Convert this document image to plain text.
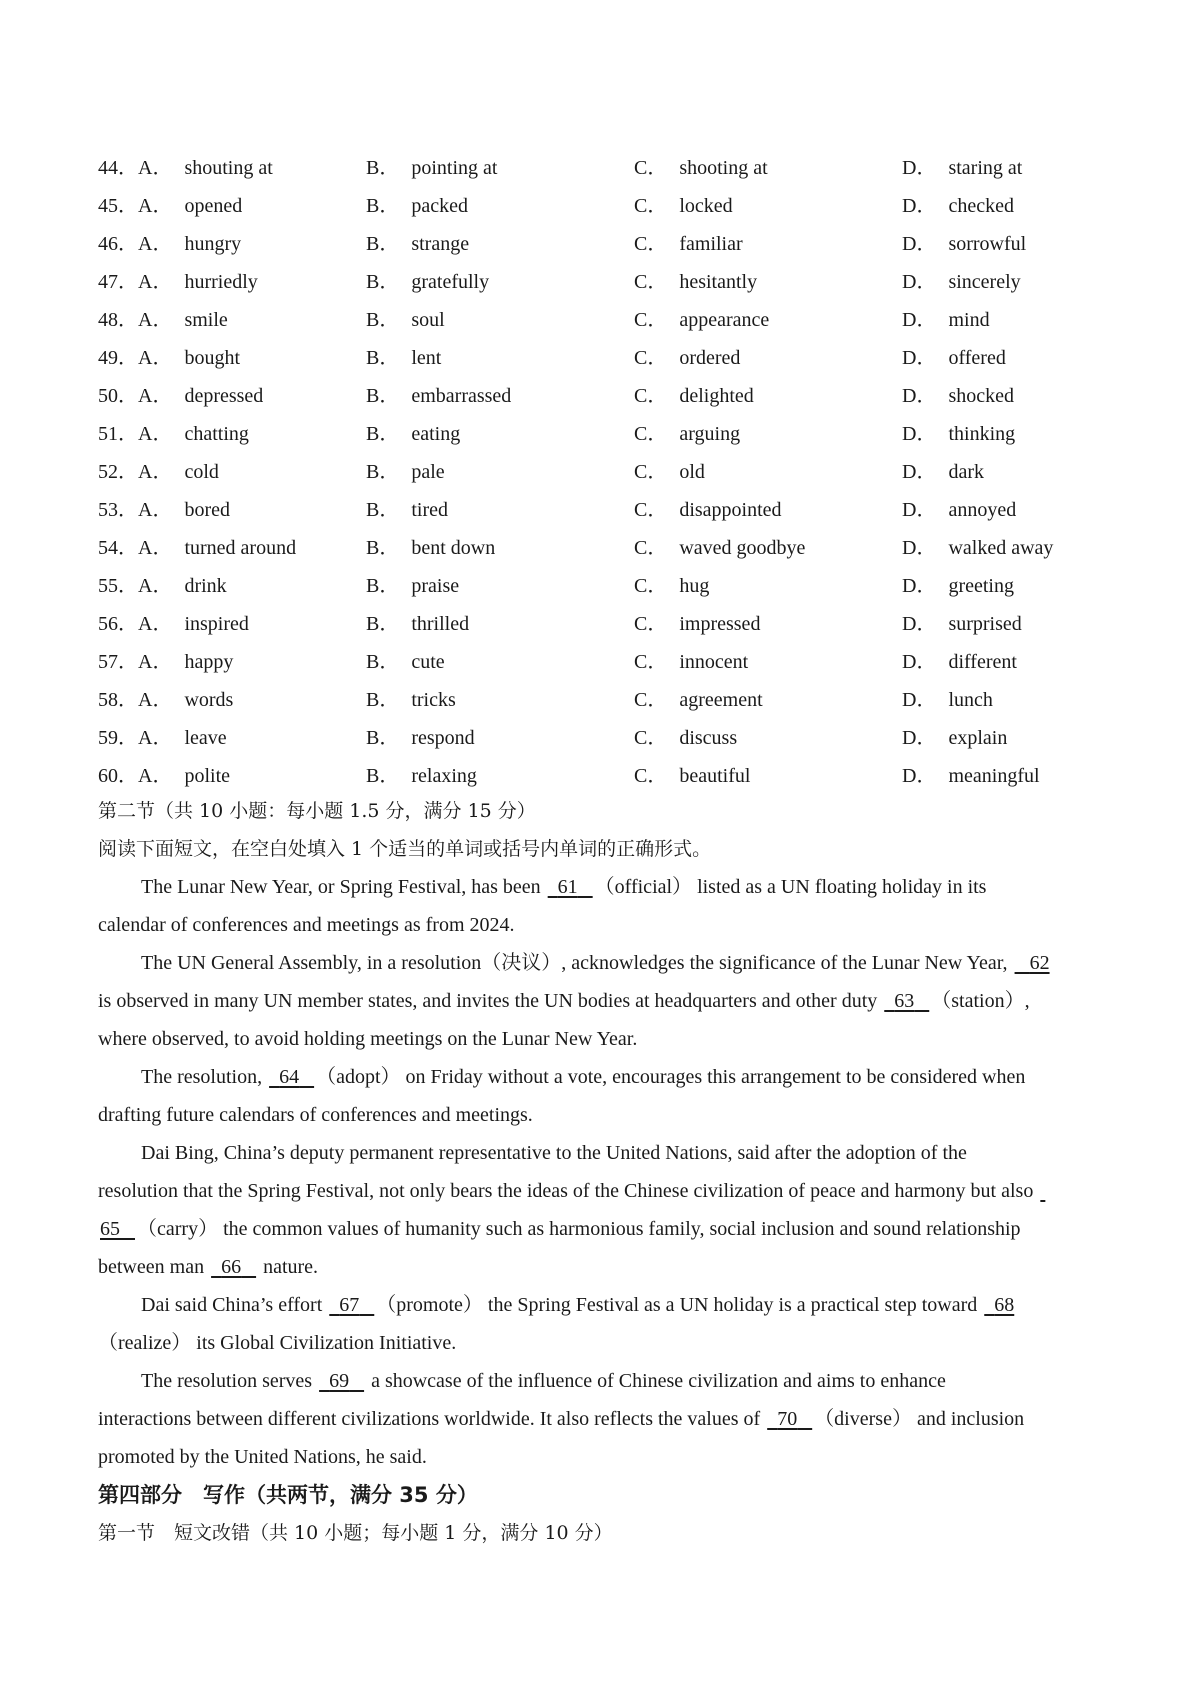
44． A． shouting at	B． pointing at	C． shooting at	D． staring at
45． A． opened	B． packed	C． locked	D． checked
46． A． hungry	B． strange	C． familiar	D． sorrowful
47． A． hurriedly	B． gratefully	C． hesitantly	D． sincerely
48． A． smile	B． soul	C． appearance	D． mind
49． A． bought	B． lent	C． ordered	D． offered
50． A． depressed	B． embarrassed	C． delighted	D． shocked
51． A． chatting	B． eating	C． arguing	D． thinking
52． A． cold	B． pale	C． old	D． dark
53． A． bored	B． tired	C． disappointed	D． annoyed
54． A． turned around	B． bent down	C． waved goodbye	D． walked away
55． A． drink	B． praise	C． hug	D． greeting
56． A． inspired	B． thrilled	C． impressed	D． surprised
57． A． happy	B． cute	C． innocent	D． different
58． A． words	B． tricks	C． agreement	D． lunch
59． A． leave	B． respond	C． discuss	D． explain
60． A． polite	B． relaxing	C． beautiful	D． meaningful
第二节（共 10 小题：每小题 1.5 分，满分 15 分）
阅读下面短文，在空白处填入 1 个适当的单词或括号内单词的正确形式。
The Lunar New Year, or Spring Festival, has been 61 （official） listed as a UN floating holiday in its
calendar of conferences and meetings as from 2024.
The UN General Assembly, in a resolution（决议）, acknowledges the significance of the Lunar New Year, 62
is observed in many UN member states, and invites the UN bodies at headquarters and other duty 63 （station）,
where observed, to avoid holding meetings on the Lunar New Year.
The resolution, 64 （adopt） on Friday without a vote, encourages this arrangement to be considered when
drafting future calendars of conferences and meetings.
Dai Bing, China’s deputy permanent representative to the United Nations, said after the adoption of the
resolution that the Spring Festival, not only bears the ideas of the Chinese civilization of peace and harmony but also
65 （carry） the common values of humanity such as harmonious family, social inclusion and sound relationship
between man 66    nature.
Dai said China’s effort 67 （promote） the Spring Festival as a UN holiday is a practical step toward 68
（realize） its Global Civilization Initiative.
The resolution serves 69    a showcase of the influence of Chinese civilization and aims to enhance
interactions between different civilizations worldwide. It also reflects the values of 70 （diverse） and inclusion
promoted by the United Nations, he said.
第四部分　写作（共两节，满分 35 分）
第一节　短文改错（共 10 小题；每小题 1 分，满分 10 分）
